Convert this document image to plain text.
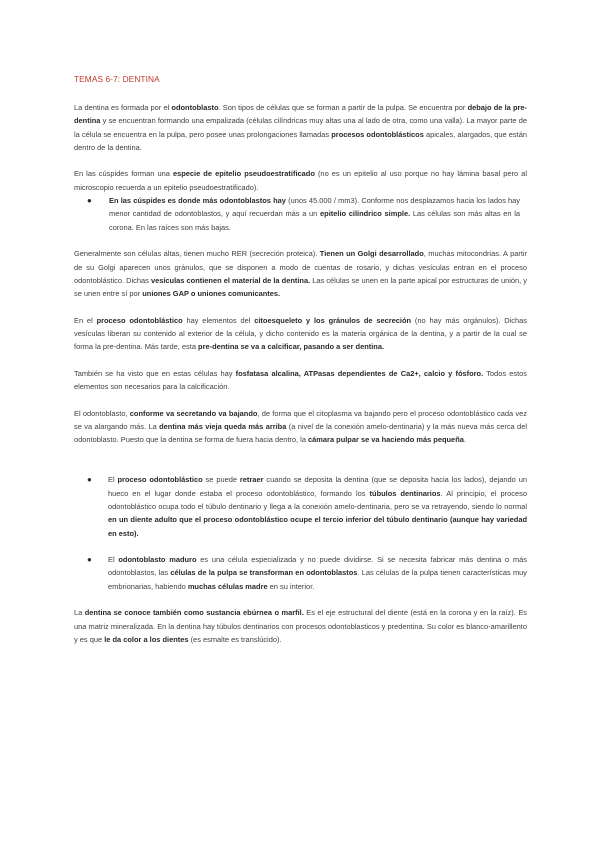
TEMAS 6-7: DENTINA

La dentina es formada por el odontoblasto. Son tipos de células que se forman a partir de la pulpa. Se encuentra por debajo de la pre-dentina y se encuentran formando una empalizada (células cilíndricas muy altas una al lado de otra, como una valla). La mayor parte de la célula se encuentra en la pulpa, pero posee unas prolongaciones llamadas procesos odontoblásticos apicales, alargados, que están dentro de la dentina.

En las cúspides forman una especie de epitelio pseudoestratificado (no es un epitelio al uso porque no hay lámina basal pero al microscopio recuerda a un epitelio pseudoestratificado).

● En las cúspides es donde más odontoblastos hay (unos 45.000 / mm3). Conforme nos desplazamos hacia los lados hay menor cantidad de odontoblastos, y aquí recuerdan más a un epitelio cilíndrico simple. Las células son más altas en la corona. En las raíces son más bajas.

Generalmente son células altas, tienen mucho RER (secreción proteica). Tienen un Golgi desarrollado, muchas mitocondrias. A partir de su Golgi aparecen unos gránulos, que se disponen a modo de cuentas de rosario, y dichas vesículas entran en el proceso odontoblástico. Dichas vesículas contienen el material de la dentina. Las células se unen en la parte apical por estructuras de unión, y se unen entre sí por uniones GAP o uniones comunicantes.

En el proceso odontoblástico hay elementos del citoesqueleto y los gránulos de secreción (no hay más orgánulos). Dichas vesículas liberan su contenido al exterior de la célula, y dicho contenido es la materia orgánica de la dentina, y a partir de la cual se forma la pre-dentina. Más tarde, esta pre-dentina se va a calcificar, pasando a ser dentina.

También se ha visto que en estas células hay fosfatasa alcalina, ATPasas dependientes de Ca2+, calcio y fósforo. Todos estos elementos son necesarios para la calcificación.

El odontoblasto, conforme va secretando va bajando, de forma que el citoplasma va bajando pero el proceso odontoblástico cada vez se va alargando más. La dentina más vieja queda más arriba (a nivel de la conexión amelo-dentinaria) y la más nueva más cerca del odontoblasto. Puesto que la dentina se forma de fuera hacia dentro, la cámara pulpar se va haciendo más pequeña.

● El proceso odontoblástico se puede retraer cuando se deposita la dentina (que se deposita hacia los lados), dejando un hueco en el lugar donde estaba el proceso odontoblástico, formando los túbulos dentinarios. Al principio, el proceso odontoblástico ocupa todo el túbulo dentinario y llega a la conexión amelo-dentinaria, pero se va retrayendo, siendo lo normal en un diente adulto que el proceso odontoblástico ocupe el tercio inferior del túbulo dentinario (aunque hay variedad en esto).

● El odontoblasto maduro es una célula especializada y no puede dividirse. Si se necesita fabricar más dentina o más odontoblastos, las células de la pulpa se transforman en odontoblastos. Las células de la pulpa tienen características muy embrionarias, habiendo muchas células madre en su interior.

La dentina se conoce también como sustancia ebúrnea o marfil. Es el eje estructural del diente (está en la corona y en la raíz). Es una matriz mineralizada. En la dentina hay túbulos dentinarios con procesos odontoblasticos y predentina. Su color es blanco-amarillento y es que le da color a los dientes (es esmalte es translúcido).
